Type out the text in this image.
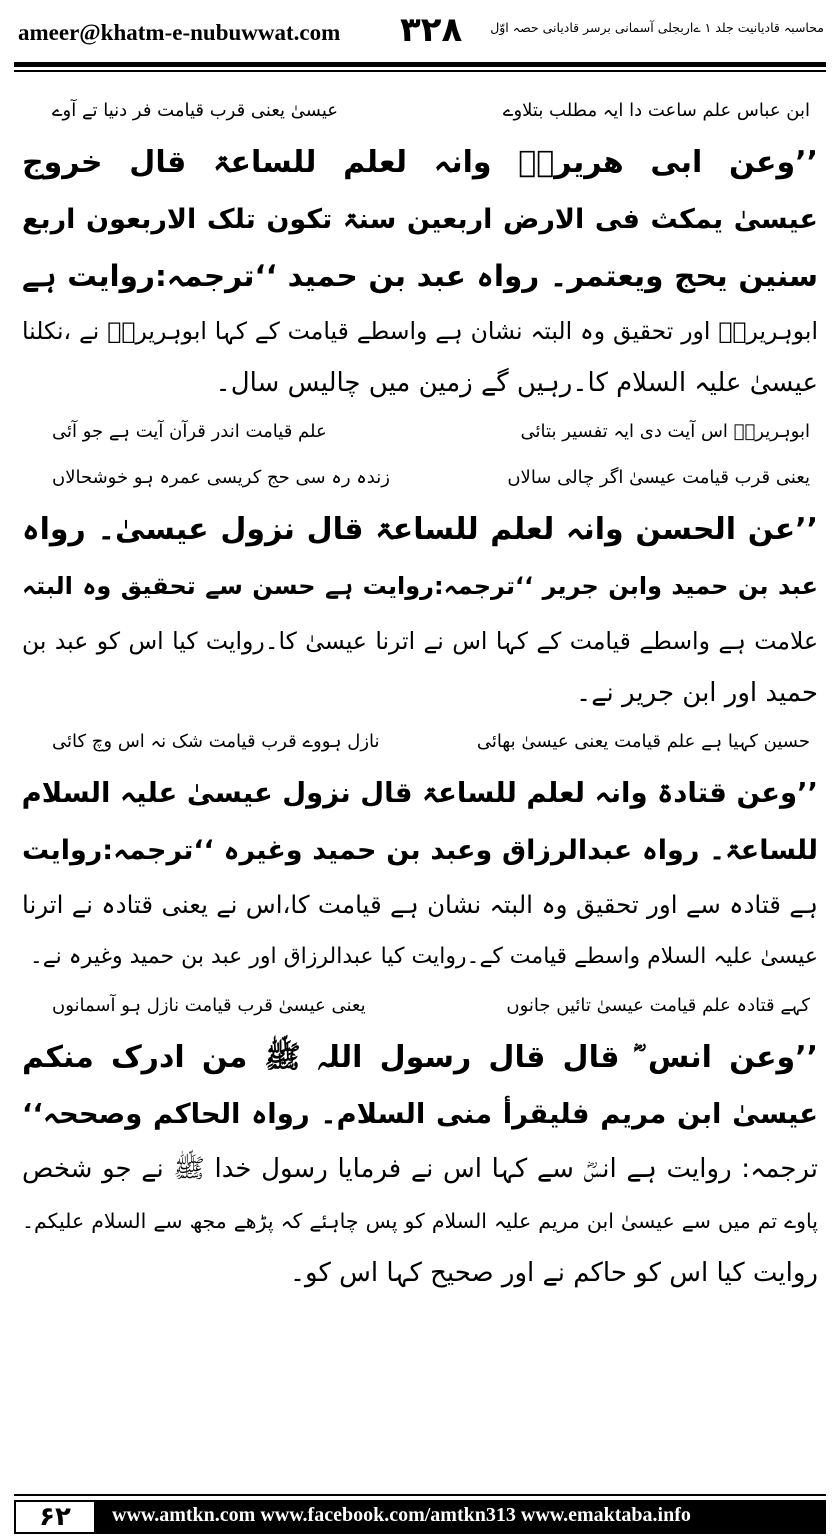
ameer@khatm-e-nubuwwat.com ۳۲۸ محاسبہ قادیانیت جلد ۱ ےاربجلی آسمانی برسر قادیانی حصہ اوّل
ابن عباس علم ساعت دا ایہ مطلب بتلاوے
عیسیٰ یعنی قرب قیامت فر دنیا تے آوے
’’وعن ابی ھریرۃؓ وانہ لعلم للساعۃ قال خروج
عیسیٰ یمکث فی الارض اربعین سنۃ تکون تلک الاربعون اربع
سنین یحج ویعتمر۔ رواہ عبد بن حمید ‘‘ترجمہ:روایت ہے
ابوہریرہؓ اور تحقیق وہ البتہ نشان ہے واسطے قیامت کے کہا ابوہریرہؓ نے ،نکلنا
عیسیٰ علیہ السلام کا۔رہیں گے زمین میں چالیس سال۔
ابوہریرہؓ اس آیت دی ایہ تفسیر بتائی
علم قیامت اندر قرآن آیت ہے جو آئی
یعنی قرب قیامت عیسیٰ اگر چالی سالاں
زندہ رہ سی حج کریسی عمرہ ہو خوشحالاں
’’عن الحسن وانہ لعلم للساعۃ قال نزول عیسیٰ۔ رواہ
عبد بن حمید وابن جریر ‘‘ترجمہ:روایت ہے حسن سے تحقیق وہ البتہ
علامت ہے واسطے قیامت کے کہا اس نے اترنا عیسیٰ کا۔روایت کیا اس کو عبد بن
حمید اور ابن جریر نے۔
حسین کہیا ہے علم قیامت یعنی عیسیٰ بھائی
نازل ہووے قرب قیامت شک نہ اس وچ کائی
’’وعن قتادۃ وانہ لعلم للساعۃ قال نزول عیسیٰ علیہ السلام
للساعۃ۔ رواہ عبدالرزاق وعبد بن حمید وغیرہ ‘‘ترجمہ:روایت
ہے قتادہ سے اور تحقیق وہ البتہ نشان ہے قیامت کا،اس نے یعنی قتادہ نے اترنا
عیسیٰ علیہ السلام واسطے قیامت کے۔روایت کیا عبدالرزاق اور عبد بن حمید وغیرہ نے۔
کہے قتادہ علم قیامت عیسیٰ تائیں جانوں
یعنی عیسیٰ قرب قیامت نازل ہو آسمانوں
’’وعن انس ؓ قال قال رسول اللہ ﷺ من ادرک منکم
عیسیٰ ابن مریم فلیقرأ منی السلام۔ رواہ الحاکم وصححہ‘‘
ترجمہ: روایت ہے انسؓ سے کہا اس نے فرمایا رسول خدا ﷺ نے جو شخص
پاوے تم میں سے عیسیٰ ابن مریم علیہ السلام کو پس چاہئے کہ پڑھے مجھ سے السلام علیکم۔
روایت کیا اس کو حاکم نے اور صحیح کہا اس کو۔
۶۲	www.amtkn.com www.facebook.com/amtkn313 www.emaktaba.info
